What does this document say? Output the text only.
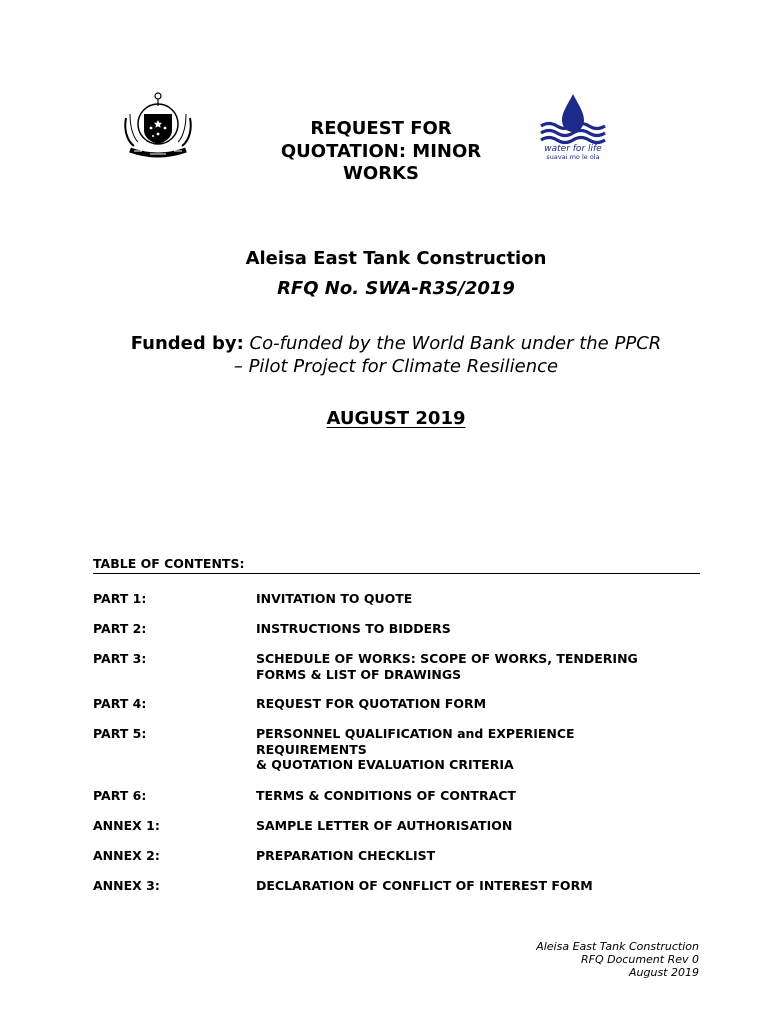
REQUEST FOR
QUOTATION: MINOR
WORKS
water for life
suavai mo le ola
Aleisa East Tank Construction
RFQ No. SWA-R3S/2019
Funded by: Co-funded by the World Bank under the PPCR
– Pilot Project for Climate Resilience
AUGUST 2019
TABLE OF CONTENTS:
PART 1:	INVITATION TO QUOTE
PART 2:	INSTRUCTIONS TO BIDDERS
PART 3:	SCHEDULE OF WORKS: SCOPE OF WORKS, TENDERING
FORMS & LIST OF DRAWINGS
PART 4:	REQUEST FOR QUOTATION FORM
PART 5:	PERSONNEL QUALIFICATION and EXPERIENCE
REQUIREMENTS
& QUOTATION EVALUATION CRITERIA
PART 6:	TERMS & CONDITIONS OF CONTRACT
ANNEX 1:	SAMPLE LETTER OF AUTHORISATION
ANNEX 2:	PREPARATION CHECKLIST
ANNEX 3:	DECLARATION OF CONFLICT OF INTEREST FORM
Aleisa East Tank Construction
RFQ Document Rev 0
August 2019
